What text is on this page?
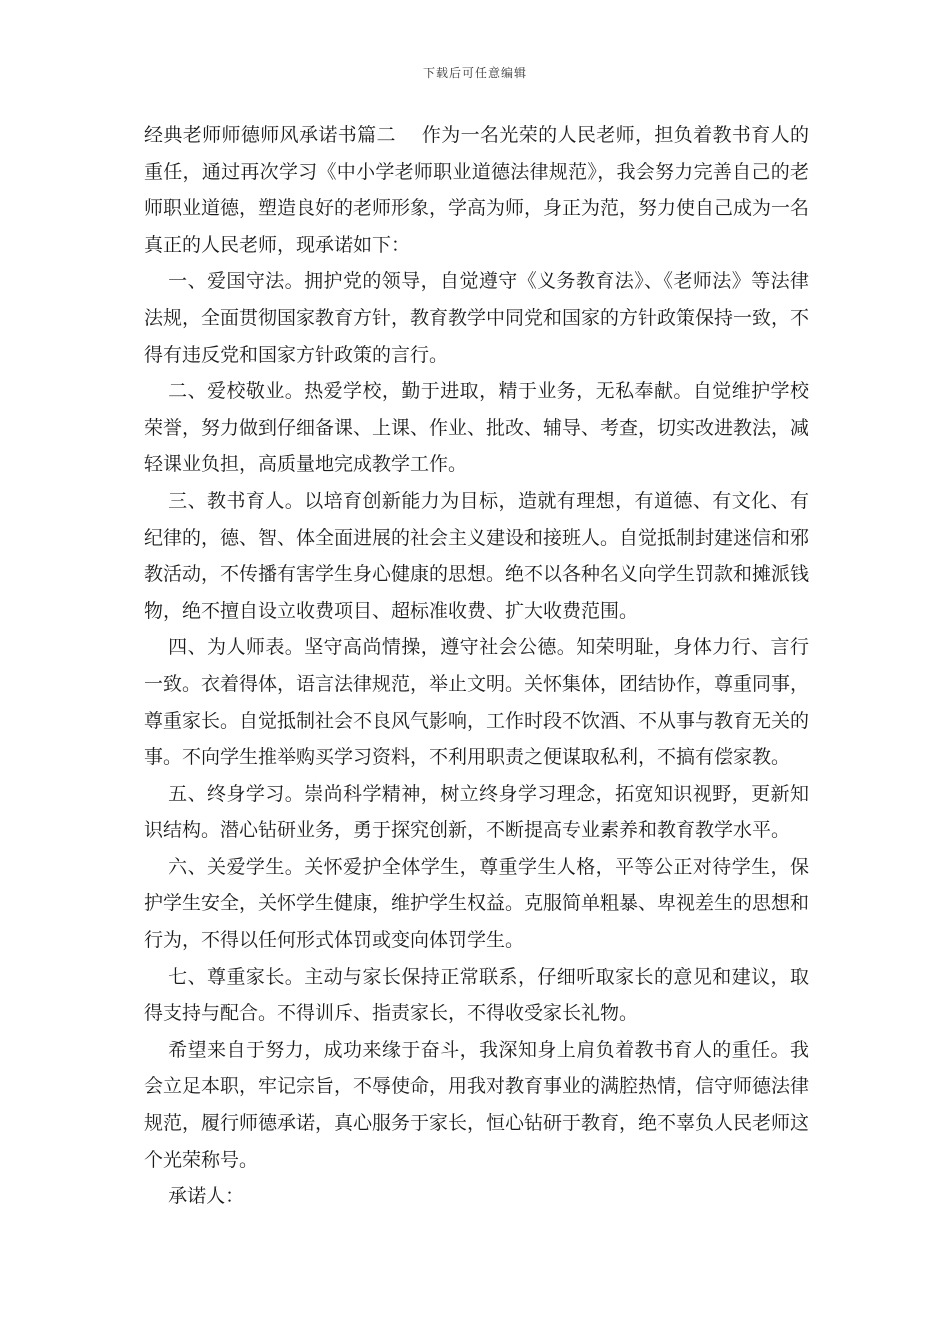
下载后可任意编辑

经典老师师德师风承诺书篇二 作为一名光荣的人民老师，担负着教书育人的重任，通过再次学习《中小学老师职业道德法律规范》，我会努力完善自己的老师职业道德，塑造良好的老师形象，学高为师，身正为范，努力使自己成为一名真正的人民老师，现承诺如下：

一、爱国守法。拥护党的领导，自觉遵守《义务教育法》、《老师法》等法律法规，全面贯彻国家教育方针，教育教学中同党和国家的方针政策保持一致，不得有违反党和国家方针政策的言行。

二、爱校敬业。热爱学校，勤于进取，精于业务，无私奉献。自觉维护学校荣誉，努力做到仔细备课、上课、作业、批改、辅导、考查，切实改进教法，减轻课业负担，高质量地完成教学工作。

三、教书育人。以培育创新能力为目标，造就有理想，有道德、有文化、有纪律的，德、智、体全面进展的社会主义建设和接班人。自觉抵制封建迷信和邪教活动，不传播有害学生身心健康的思想。绝不以各种名义向学生罚款和摊派钱物，绝不擅自设立收费项目、超标准收费、扩大收费范围。

四、为人师表。坚守高尚情操，遵守社会公德。知荣明耻，身体力行、言行一致。衣着得体，语言法律规范，举止文明。关怀集体，团结协作，尊重同事，尊重家长。自觉抵制社会不良风气影响，工作时段不饮酒、不从事与教育无关的事。不向学生推举购买学习资料，不利用职责之便谋取私利，不搞有偿家教。

五、终身学习。崇尚科学精神，树立终身学习理念，拓宽知识视野，更新知识结构。潜心钻研业务，勇于探究创新，不断提高专业素养和教育教学水平。

六、关爱学生。关怀爱护全体学生，尊重学生人格，平等公正对待学生，保护学生安全，关怀学生健康，维护学生权益。克服简单粗暴、卑视差生的思想和行为，不得以任何形式体罚或变向体罚学生。

七、尊重家长。主动与家长保持正常联系，仔细听取家长的意见和建议，取得支持与配合。不得训斥、指责家长，不得收受家长礼物。

希望来自于努力，成功来缘于奋斗，我深知身上肩负着教书育人的重任。我会立足本职，牢记宗旨，不辱使命，用我对教育事业的满腔热情，信守师德法律规范，履行师德承诺，真心服务于家长，恒心钻研于教育，绝不辜负人民老师这个光荣称号。

承诺人：
